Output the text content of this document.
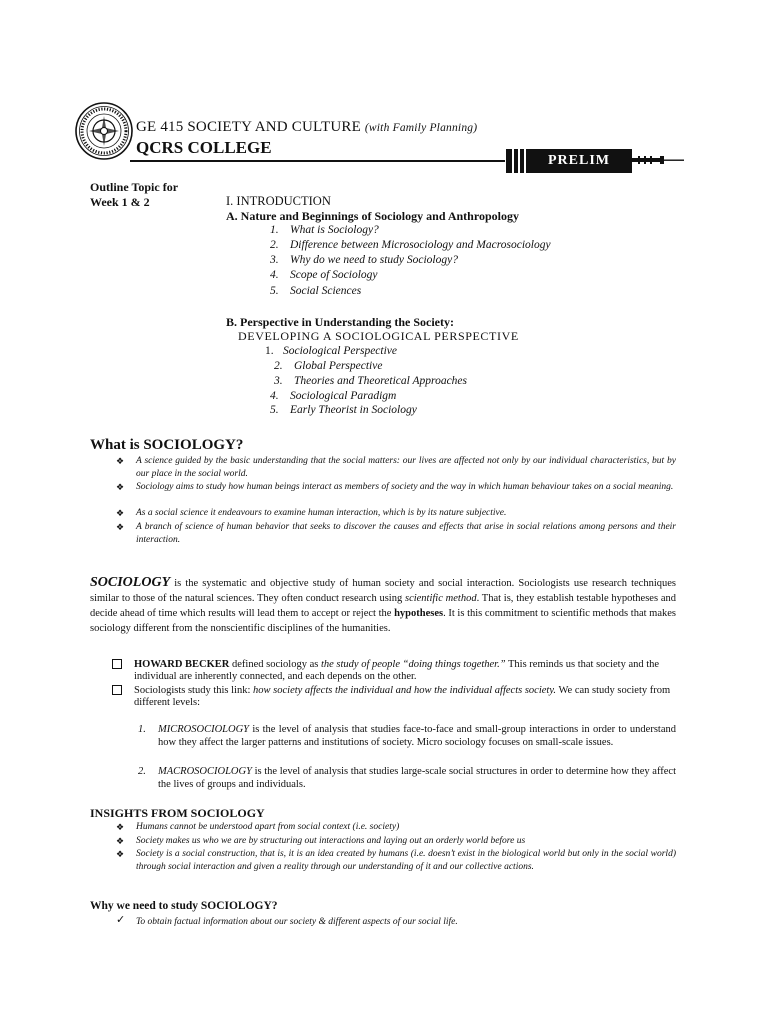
GE 415 SOCIETY AND CULTURE (with Family Planning)
QCRS COLLEGE
PRELIM
Outline Topic for
Week 1 & 2	I. INTRODUCTION
A. Nature and Beginnings of Sociology and Anthropology
1. What is Sociology?
2. Difference between Microsociology and Macrosociology
3. Why do we need to study Sociology?
4. Scope of Sociology
5. Social Sciences
B. Perspective in Understanding the Society:
DEVELOPING A SOCIOLOGICAL PERSPECTIVE
1. Sociological Perspective
2. Global Perspective
3. Theories and Theoretical Approaches
4. Sociological Paradigm
5. Early Theorist in Sociology
What is SOCIOLOGY?
❖ A science guided by the basic understanding that the social matters: our lives are affected not only by our individual characteristics, but by our place in the social world.
❖ Sociology aims to study how human beings interact as members of society and the way in which human behaviour takes on a social meaning.
❖ As a social science it endeavours to examine human interaction, which is by its nature subjective.
❖ A branch of science of human behavior that seeks to discover the causes and effects that arise in social relations among persons and their interaction.
SOCIOLOGY is the systematic and objective study of human society and social interaction. Sociologists use research techniques similar to those of the natural sciences. They often conduct research using scientific method. That is, they establish testable hypotheses and decide ahead of time which results will lead them to accept or reject the hypotheses. It is this commitment to scientific methods that makes sociology different from the nonscientific disciplines of the humanities.
HOWARD BECKER defined sociology as the study of people “doing things together.” This reminds us that society and the individual are inherently connected, and each depends on the other.
Sociologists study this link: how society affects the individual and how the individual affects society. We can study society from different levels:
1. MICROSOCIOLOGY is the level of analysis that studies face-to-face and small-group interactions in order to understand how they affect the larger patterns and institutions of society. Micro sociology focuses on small-scale issues.
2. MACROSOCIOLOGY is the level of analysis that studies large-scale social structures in order to determine how they affect the lives of groups and individuals.
INSIGHTS FROM SOCIOLOGY
❖ Humans cannot be understood apart from social context (i.e. society)
❖ Society makes us who we are by structuring out interactions and laying out an orderly world before us
❖ Society is a social construction, that is, it is an idea created by humans (i.e. doesn’t exist in the biological world but only in the social world) through social interaction and given a reality through our understanding of it and our collective actions.
Why we need to study SOCIOLOGY?
✓ To obtain factual information about our society & different aspects of our social life.
